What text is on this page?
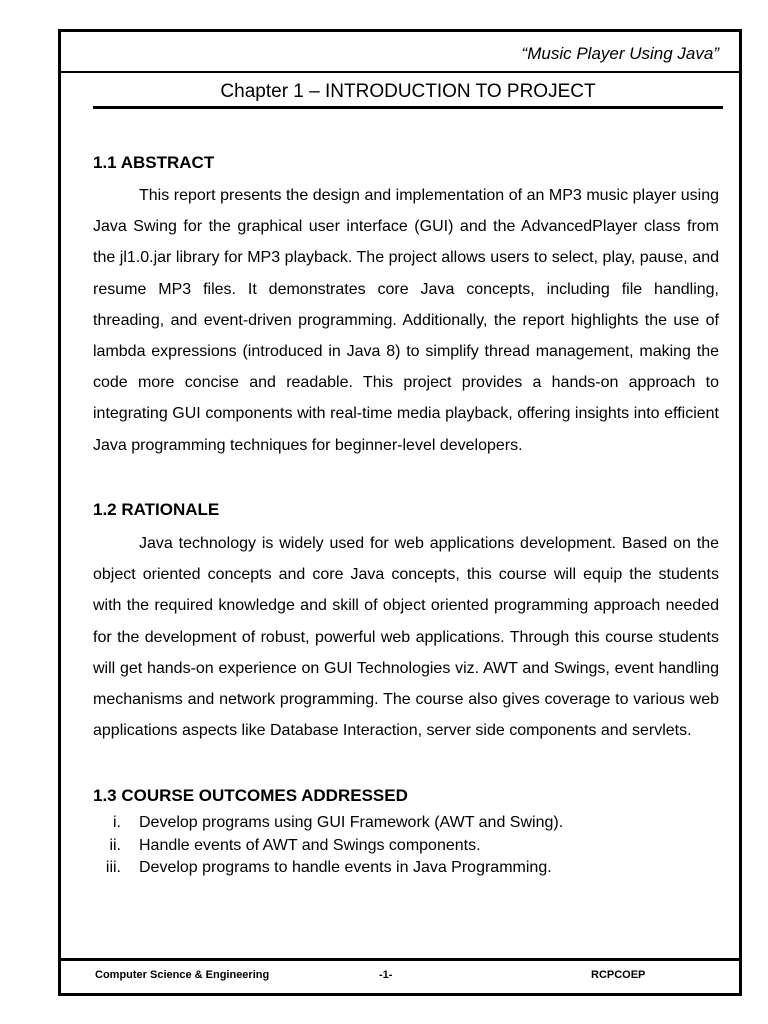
“Music Player Using Java”
Chapter 1 – INTRODUCTION TO PROJECT
1.1 ABSTRACT

This report presents the design and implementation of an MP3 music player using Java Swing for the graphical user interface (GUI) and the AdvancedPlayer class from the jl1.0.jar library for MP3 playback. The project allows users to select, play, pause, and resume MP3 files. It demonstrates core Java concepts, including file handling, threading, and event-driven programming. Additionally, the report highlights the use of lambda expressions (introduced in Java 8) to simplify thread management, making the code more concise and readable. This project provides a hands-on approach to integrating GUI components with real-time media playback, offering insights into efficient Java programming techniques for beginner-level developers.

1.2 RATIONALE

Java technology is widely used for web applications development. Based on the object oriented concepts and core Java concepts, this course will equip the students with the required knowledge and skill of object oriented programming approach needed for the development of robust, powerful web applications. Through this course students will get hands-on experience on GUI Technologies viz. AWT and Swings, event handling mechanisms and network programming. The course also gives coverage to various web applications aspects like Database Interaction, server side components and servlets.

1.3 COURSE OUTCOMES ADDRESSED
i. Develop programs using GUI Framework (AWT and Swing).
ii. Handle events of AWT and Swings components.
iii. Develop programs to handle events in Java Programming.
Computer Science & Engineering	-1-	RCPCOEP
